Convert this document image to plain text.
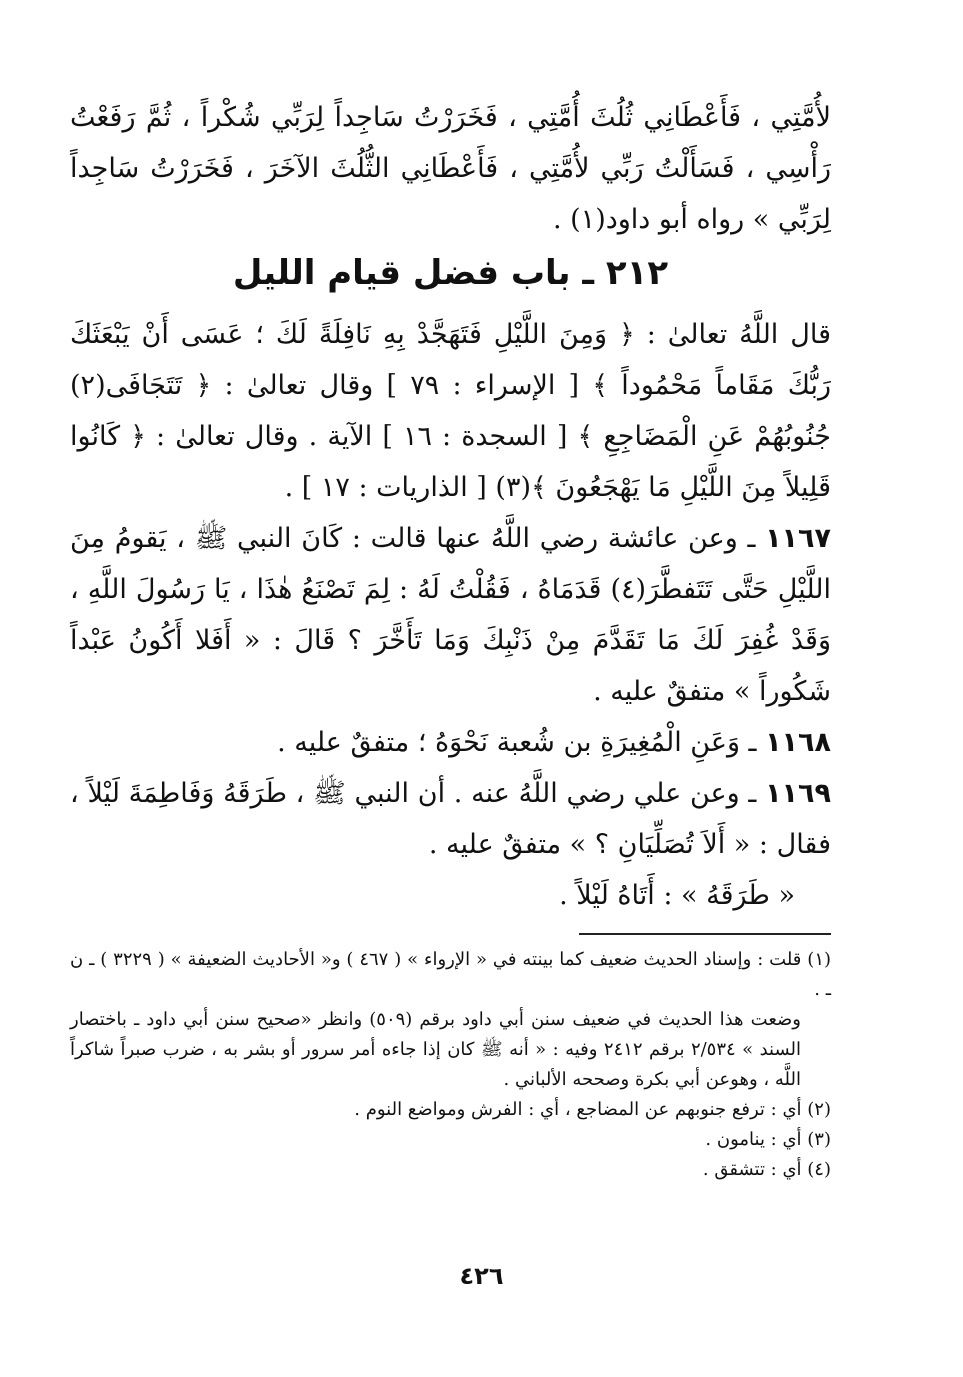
لأُمَّتِي ، فَأَعْطَانِي ثُلُثَ أُمَّتِي ، فَخَرَرْتُ سَاجِداً لِرَبِّي شُكْراً ، ثُمَّ رَفَعْتُ رَأْسِي ، فَسَأَلْتُ رَبِّي لأُمَّتِي ، فَأَعْطَانِي الثُّلُثَ الآخَرَ ، فَخَرَرْتُ سَاجِداً لِرَبِّي » رواه أبو داود(١) .

٢١٢ ـ باب فضل قيام الليل

قال اللَّهُ تعالىٰ : ﴿ وَمِنَ اللَّيْلِ فَتَهَجَّدْ بِهِ نَافِلَةً لَكَ ؛ عَسَى أَنْ يَبْعَثَكَ رَبُّكَ مَقَاماً مَحْمُوداً ﴾ [ الإسراء : ٧٩ ] وقال تعالىٰ : ﴿ تَتَجَافَى(٢) جُنُوبُهُمْ عَنِ الْمَضَاجِعِ ﴾ [ السجدة : ١٦ ] الآية . وقال تعالىٰ : ﴿ كَانُوا قَلِيلاً مِنَ اللَّيْلِ مَا يَهْجَعُونَ ﴾(٣) [ الذاريات : ١٧ ] .

١١٦٧ ـ وعن عائشة رضي اللَّهُ عنها قالت : كَانَ النبي ﷺ ، يَقومُ مِنَ اللَّيْلِ حَتَّى تَتَفطَّرَ(٤) قَدَمَاهُ ، فَقُلْتُ لَهُ : لِمَ تَصْنَعُ هٰذَا ، يَا رَسُولَ اللَّهِ ، وَقَدْ غُفِرَ لَكَ مَا تَقَدَّمَ مِنْ ذَنْبِكَ وَمَا تَأَخَّرَ ؟ قَالَ : « أَفَلا أَكُونُ عَبْداً شَكُوراً » متفقٌ عليه .

١١٦٨ ـ وَعَنِ الْمُغِيرَةِ بن شُعبة نَحْوَهُ ؛ متفقٌ عليه .

١١٦٩ ـ وعن علي رضي اللَّهُ عنه . أن النبي ﷺ ، طَرَقَهُ وَفَاطِمَةَ لَيْلاً ، فقال : « أَلاَ تُصَلِّيَانِ ؟ » متفقٌ عليه .

« طَرَقَهُ » : أَتَاهُ لَيْلاً .

(١) قلت : وإسناد الحديث ضعيف كما بينته في « الإرواء » ( ٤٦٧ ) و« الأحاديث الضعيفة » ( ٣٢٢٩ ) ـ ن ـ .

وضعت هذا الحديث في ضعيف سنن أبي داود برقم (٥٠٩) وانظر «صحيح سنن أبي داود ـ باختصار السند » ٢/٥٣٤ برقم ٢٤١٢ وفيه : « أنه ﷺ كان إذا جاءه أمر سرور أو بشر به ، ضرب صبراً شاكراً اللَّه ، وهوعن أبي بكرة وصححه الألباني .

(٢) أي : ترفع جنوبهم عن المضاجع ، أي : الفرش ومواضع النوم .

(٣) أي : ينامون .

(٤) أي : تتشقق .

٤٢٦
